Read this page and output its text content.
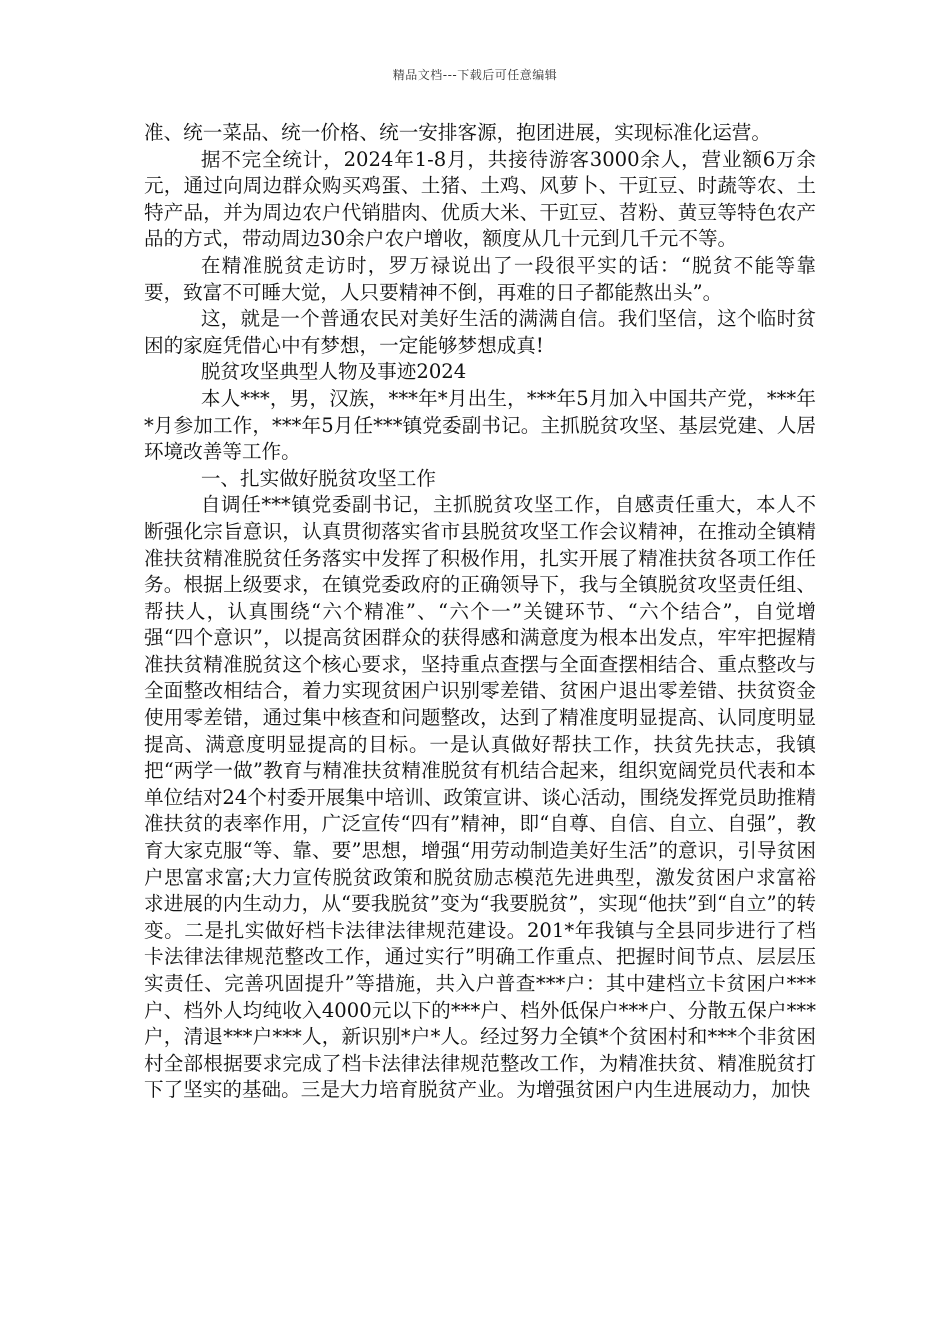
精品文档---下载后可任意编辑

准、统一菜品、统一价格、统一安排客源，抱团进展，实现标准化运营。

据不完全统计，2024年1-8月，共接待游客3000余人，营业额6万余元，通过向周边群众购买鸡蛋、土猪、土鸡、风萝卜、干豇豆、时蔬等农、土特产品，并为周边农户代销腊肉、优质大米、干豇豆、苕粉、黄豆等特色农产品的方式，带动周边30余户农户增收，额度从几十元到几千元不等。

在精准脱贫走访时，罗万禄说出了一段很平实的话：“脱贫不能等靠要，致富不可睡大觉，人只要精神不倒，再难的日子都能熬出头”。

这，就是一个普通农民对美好生活的满满自信。我们坚信，这个临时贫困的家庭凭借心中有梦想，一定能够梦想成真!

脱贫攻坚典型人物及事迹2024

本人***，男，汉族，***年*月出生，***年5月加入中国共产党，***年*月参加工作，***年5月任***镇党委副书记。主抓脱贫攻坚、基层党建、人居环境改善等工作。

一、扎实做好脱贫攻坚工作

自调任***镇党委副书记，主抓脱贫攻坚工作，自感责任重大，本人不断强化宗旨意识，认真贯彻落实省市县脱贫攻坚工作会议精神，在推动全镇精准扶贫精准脱贫任务落实中发挥了积极作用，扎实开展了精准扶贫各项工作任务。根据上级要求，在镇党委政府的正确领导下，我与全镇脱贫攻坚责任组、帮扶人，认真围绕“六个精准”、“六个一”关键环节、“六个结合”，自觉增强“四个意识”，以提高贫困群众的获得感和满意度为根本出发点，牢牢把握精准扶贫精准脱贫这个核心要求，坚持重点查摆与全面查摆相结合、重点整改与全面整改相结合，着力实现贫困户识别零差错、贫困户退出零差错、扶贫资金使用零差错，通过集中核查和问题整改，达到了精准度明显提高、认同度明显提高、满意度明显提高的目标。一是认真做好帮扶工作，扶贫先扶志，我镇把“两学一做”教育与精准扶贫精准脱贫有机结合起来，组织宽阔党员代表和本单位结对24个村委开展集中培训、政策宣讲、谈心活动，围绕发挥党员助推精准扶贫的表率作用，广泛宣传“四有”精神，即“自尊、自信、自立、自强”，教育大家克服“等、靠、要”思想，增强“用劳动制造美好生活”的意识，引导贫困户思富求富;大力宣传脱贫政策和脱贫励志模范先进典型，激发贫困户求富裕求进展的内生动力，从“要我脱贫”变为“我要脱贫”，实现“他扶”到“自立”的转变。二是扎实做好档卡法律法律规范建设。201*年我镇与全县同步进行了档卡法律法律规范整改工作，通过实行”明确工作重点、把握时间节点、层层压实责任、完善巩固提升”等措施，共入户普查***户：其中建档立卡贫困户***户、档外人均纯收入4000元以下的***户、档外低保户***户、分散五保户***户，清退***户***人，新识别*户*人。经过努力全镇*个贫困村和***个非贫困村全部根据要求完成了档卡法律法律规范整改工作，为精准扶贫、精准脱贫打下了坚实的基础。三是大力培育脱贫产业。为增强贫困户内生进展动力，加快
